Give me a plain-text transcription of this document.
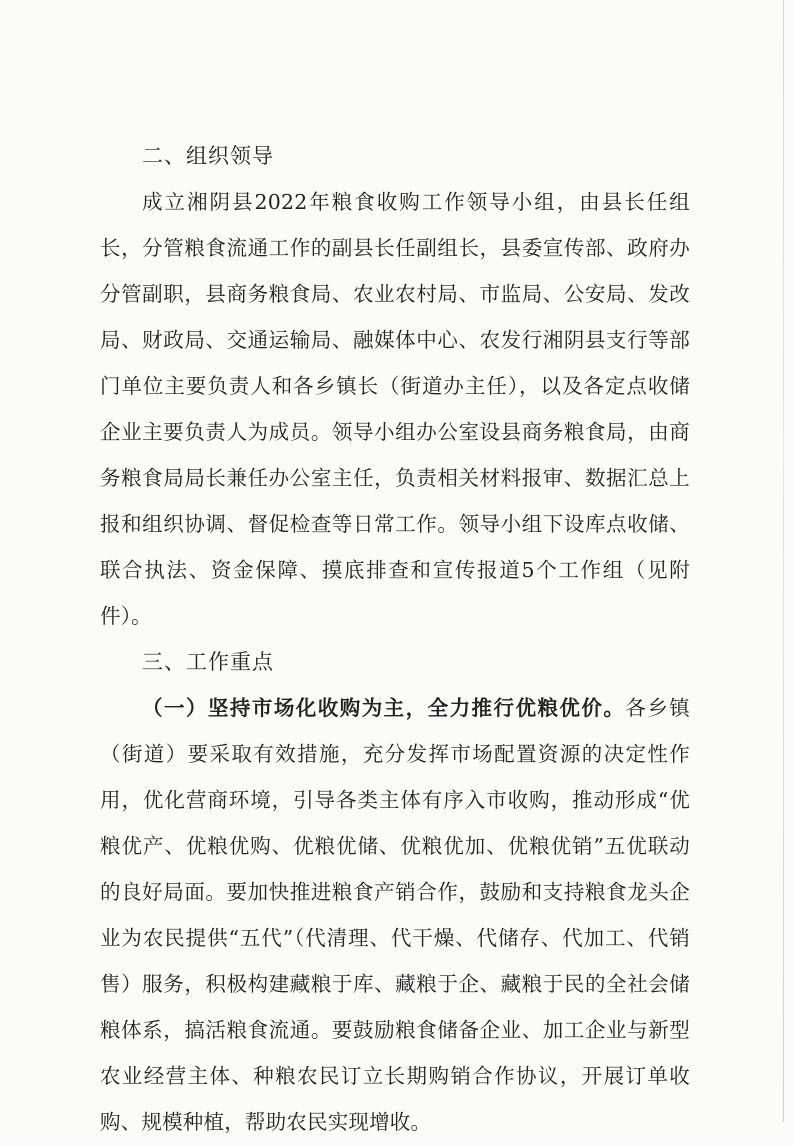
二、组织领导

成立湘阴县2022年粮食收购工作领导小组，由县长任组长，分管粮食流通工作的副县长任副组长，县委宣传部、政府办分管副职，县商务粮食局、农业农村局、市监局、公安局、发改局、财政局、交通运输局、融媒体中心、农发行湘阴县支行等部门单位主要负责人和各乡镇长（街道办主任），以及各定点收储企业主要负责人为成员。领导小组办公室设县商务粮食局，由商务粮食局局长兼任办公室主任，负责相关材料报审、数据汇总上报和组织协调、督促检查等日常工作。领导小组下设库点收储、联合执法、资金保障、摸底排查和宣传报道5个工作组（见附件）。

三、工作重点

（一）坚持市场化收购为主，全力推行优粮优价。各乡镇（街道）要采取有效措施，充分发挥市场配置资源的决定性作用，优化营商环境，引导各类主体有序入市收购，推动形成“优粮优产、优粮优购、优粮优储、优粮优加、优粮优销”五优联动的良好局面。要加快推进粮食产销合作，鼓励和支持粮食龙头企业为农民提供“五代”（代清理、代干燥、代储存、代加工、代销售）服务，积极构建藏粮于库、藏粮于企、藏粮于民的全社会储粮体系，搞活粮食流通。要鼓励粮食储备企业、加工企业与新型农业经营主体、种粮农民订立长期购销合作协议，开展订单收购、规模种植，帮助农民实现增收。
